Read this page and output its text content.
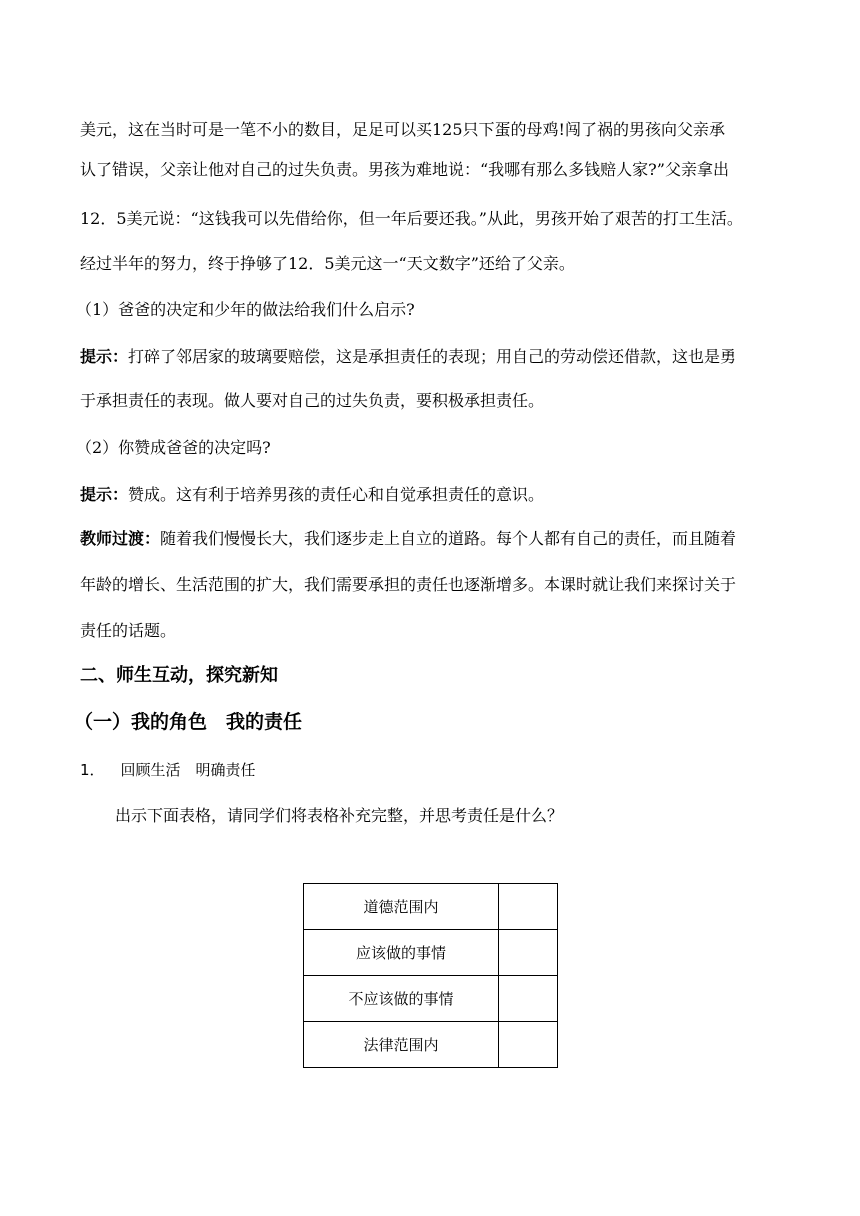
美元，这在当时可是一笔不小的数目，足足可以买125只下蛋的母鸡!闯了祸的男孩向父亲承
认了错误，父亲让他对自己的过失负责。男孩为难地说：“我哪有那么多钱赔人家?”父亲拿出
12．5美元说：“这钱我可以先借给你，但一年后要还我。”从此，男孩开始了艰苦的打工生活。
经过半年的努力，终于挣够了12．5美元这一“天文数字”还给了父亲。
（1）爸爸的决定和少年的做法给我们什么启示?
提示：打碎了邻居家的玻璃要赔偿，这是承担责任的表现；用自己的劳动偿还借款，这也是勇
于承担责任的表现。做人要对自己的过失负责，要积极承担责任。
（2）你赞成爸爸的决定吗?
提示：赞成。这有利于培养男孩的责任心和自觉承担责任的意识。
教师过渡：随着我们慢慢长大，我们逐步走上自立的道路。每个人都有自己的责任，而且随着
年龄的增长、生活范围的扩大，我们需要承担的责任也逐渐增多。本课时就让我们来探讨关于
责任的话题。
二、师生互动，探究新知
（一）我的角色　我的责任
1． 回顾生活　明确责任
出示下面表格，请同学们将表格补充完整，并思考责任是什么？
道德范围内	
应该做的事情	
不应该做的事情	
法律范围内	
